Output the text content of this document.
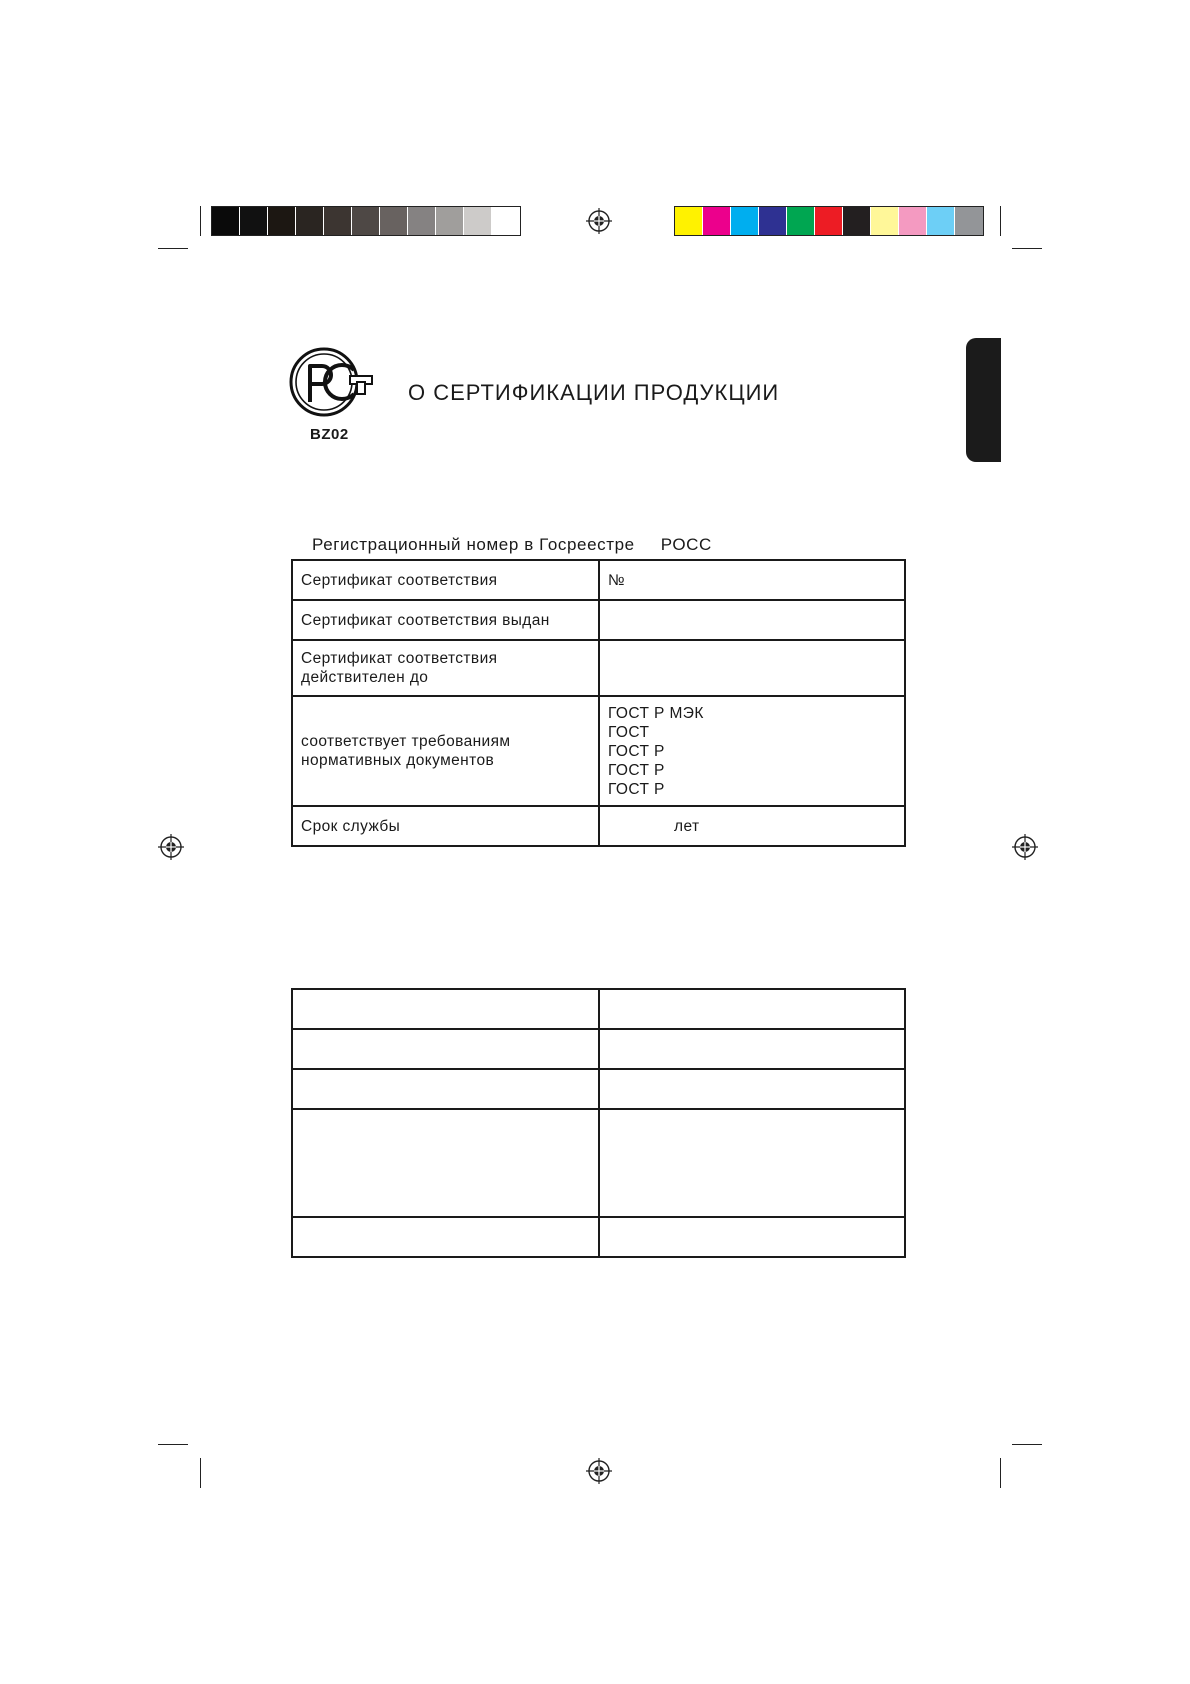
BZ02
О СЕРТИФИКАЦИИ ПРОДУКЦИИ
Регистрационный номер в Госреестре РОСС
Сертификат соответствия	№
Сертификат соответствия выдан	

Сертификат соответствия
действителен до	

соответствует требованиям
нормативных документов	ГОСТ Р МЭК
ГОСТ
ГОСТ Р
ГОСТ Р
ГОСТ Р

Срок службы	лет
